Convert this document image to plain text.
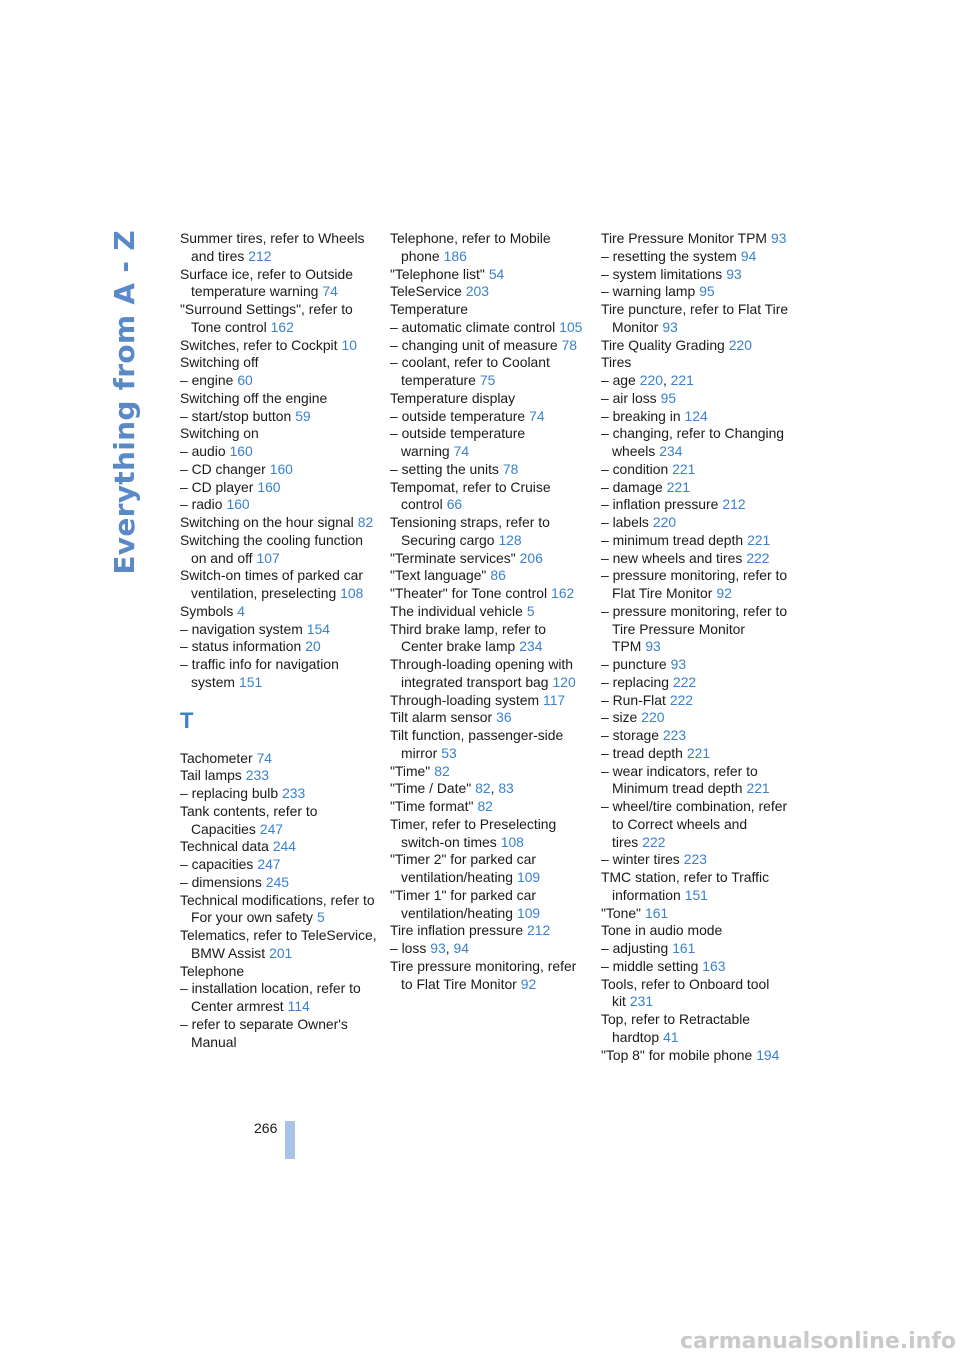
Everything from A - Z	Summer tires, refer to Wheels and tires 212
Surface ice, refer to Outside temperature warning 74
"Surround Settings", refer to Tone control 162
Switches, refer to Cockpit 10
Switching off
– engine 60
Switching off the engine
– start/stop button 59
Switching on
– audio 160
– CD changer 160
– CD player 160
– radio 160
Switching on the hour signal 82
Switching the cooling function on and off 107
Switch-on times of parked car ventilation, preselecting 108
Symbols 4
– navigation system 154
– status information 20
– traffic info for navigation system 151
T
Tachometer 74
Tail lamps 233
– replacing bulb 233
Tank contents, refer to Capacities 247
Technical data 244
– capacities 247
– dimensions 245
Technical modifications, refer to For your own safety 5
Telematics, refer to TeleService, BMW Assist 201
Telephone
– installation location, refer to Center armrest 114
– refer to separate Owner's Manual
Telephone, refer to Mobile phone 186
"Telephone list" 54
TeleService 203
Temperature
– automatic climate control 105
– changing unit of measure 78
– coolant, refer to Coolant temperature 75
Temperature display
– outside temperature 74
– outside temperature warning 74
– setting the units 78
Tempomat, refer to Cruise control 66
Tensioning straps, refer to Securing cargo 128
"Terminate services" 206
"Text language" 86
"Theater" for Tone control 162
The individual vehicle 5
Third brake lamp, refer to Center brake lamp 234
Through-loading opening with integrated transport bag 120
Through-loading system 117
Tilt alarm sensor 36
Tilt function, passenger-side mirror 53
"Time" 82
"Time / Date" 82, 83
"Time format" 82
Timer, refer to Preselecting switch-on times 108
"Timer 2" for parked car ventilation/heating 109
"Timer 1" for parked car ventilation/heating 109
Tire inflation pressure 212
– loss 93, 94
Tire pressure monitoring, refer to Flat Tire Monitor 92
Tire Pressure Monitor TPM 93
– resetting the system 94
– system limitations 93
– warning lamp 95
Tire puncture, refer to Flat Tire Monitor 93
Tire Quality Grading 220
Tires
– age 220, 221
– air loss 95
– breaking in 124
– changing, refer to Changing wheels 234
– condition 221
– damage 221
– inflation pressure 212
– labels 220
– minimum tread depth 221
– new wheels and tires 222
– pressure monitoring, refer to Flat Tire Monitor 92
– pressure monitoring, refer to Tire Pressure Monitor TPM 93
– puncture 93
– replacing 222
– Run-Flat 222
– size 220
– storage 223
– tread depth 221
– wear indicators, refer to Minimum tread depth 221
– wheel/tire combination, refer to Correct wheels and tires 222
– winter tires 223
TMC station, refer to Traffic information 151
"Tone" 161
Tone in audio mode
– adjusting 161
– middle setting 163
Tools, refer to Onboard tool kit 231
Top, refer to Retractable hardtop 41
"Top 8" for mobile phone 194
266
carmanualsonline.info
